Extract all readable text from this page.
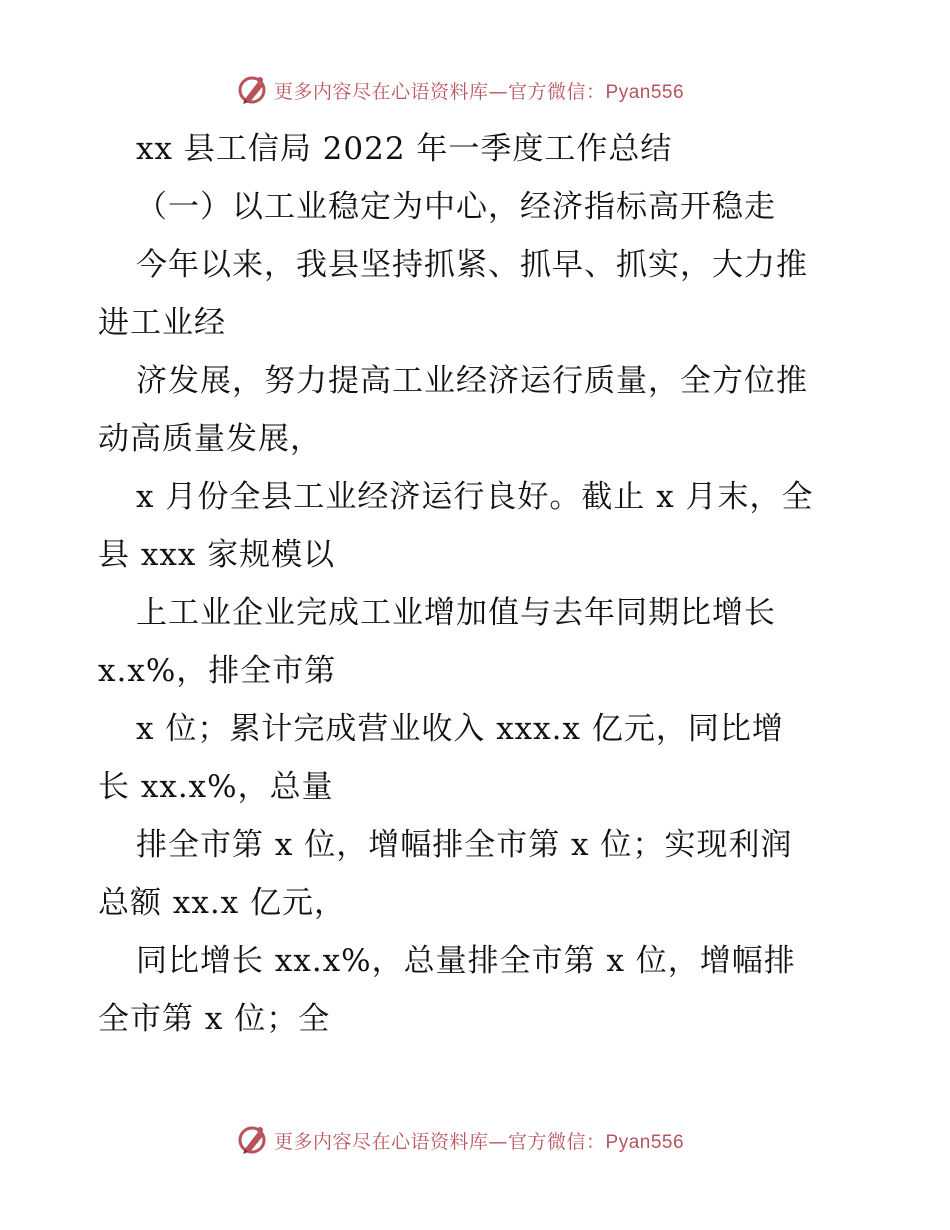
更多内容尽在心语资料库—官方微信：Pyan556
xx 县工信局 2022 年一季度工作总结
（一）以工业稳定为中心，经济指标高开稳走
今年以来，我县坚持抓紧、抓早、抓实，大力推
进工业经
济发展，努力提高工业经济运行质量，全方位推
动高质量发展，
x 月份全县工业经济运行良好。截止 x 月末，全
县 xxx 家规模以
上工业企业完成工业增加值与去年同期比增长
x.x%，排全市第
x 位；累计完成营业收入 xxx.x 亿元，同比增
长 xx.x%，总量
排全市第 x 位，增幅排全市第 x 位；实现利润
总额 xx.x 亿元，
同比增长 xx.x%，总量排全市第 x 位，增幅排
全市第 x 位；全
更多内容尽在心语资料库—官方微信：Pyan556
